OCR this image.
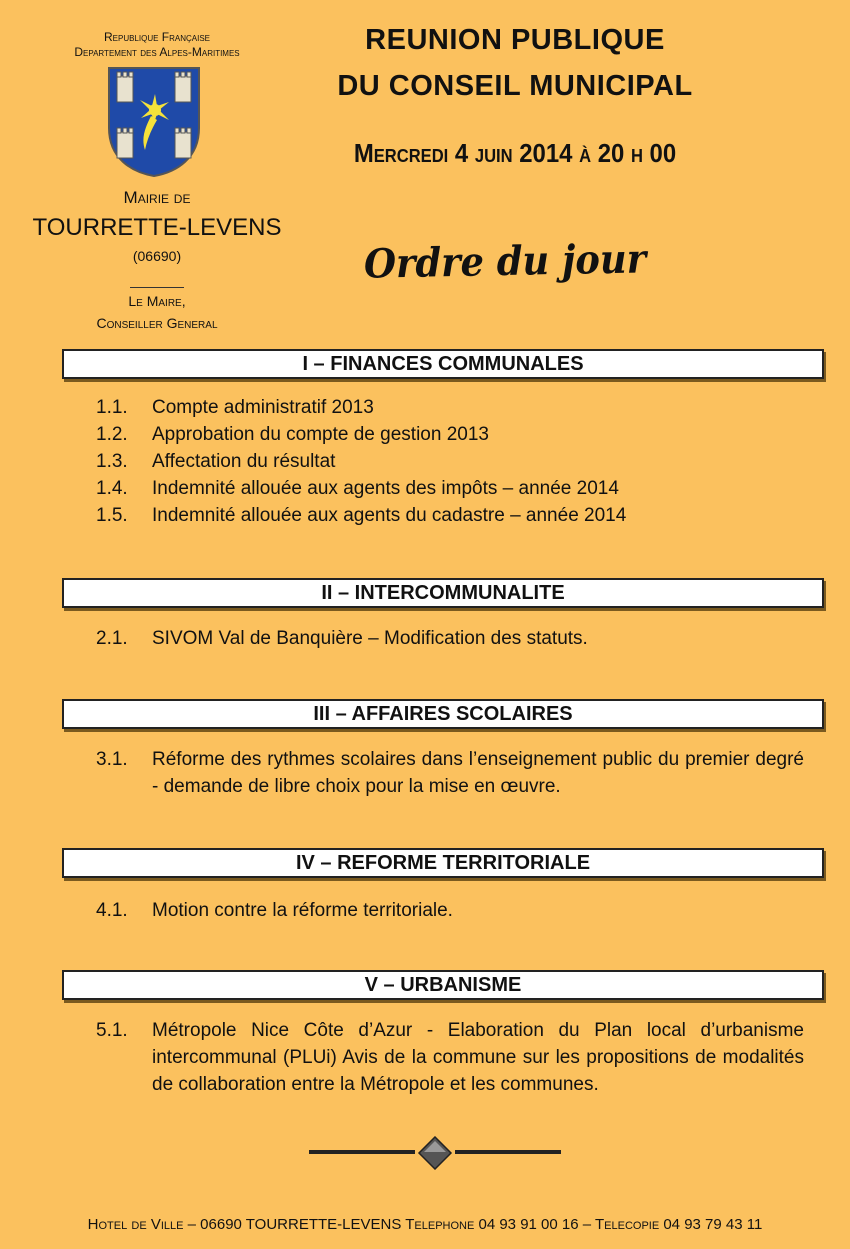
Republique Française
Departement des Alpes-Maritimes
Mairie de
TOURRETTE-LEVENS
(06690)
Le Maire,
Conseiller General
REUNION PUBLIQUE
DU CONSEIL MUNICIPAL
Mercredi 4 juin 2014 à 20 h 00
Ordre du jour
I – FINANCES COMMUNALES
1.1.	Compte administratif 2013
1.2.	Approbation du compte de gestion 2013
1.3.	Affectation du résultat
1.4.	Indemnité allouée aux agents des impôts – année 2014
1.5.	Indemnité allouée aux agents du cadastre – année 2014
II – INTERCOMMUNALITE
2.1.	SIVOM Val de Banquière – Modification des statuts.
III – AFFAIRES SCOLAIRES
3.1.	Réforme des rythmes scolaires dans l’enseignement public du premier degré - demande de libre choix pour la mise en œuvre.
IV – REFORME TERRITORIALE
4.1.	Motion contre la réforme territoriale.
V – URBANISME
5.1.	Métropole Nice Côte d’Azur - Elaboration du Plan local d’urbanisme intercommunal (PLUi) Avis de la commune sur les propositions de modalités de collaboration entre la Métropole et les communes.
Hotel de Ville – 06690 TOURRETTE-LEVENS Telephone 04 93 91 00 16 – Telecopie 04 93 79 43 11
